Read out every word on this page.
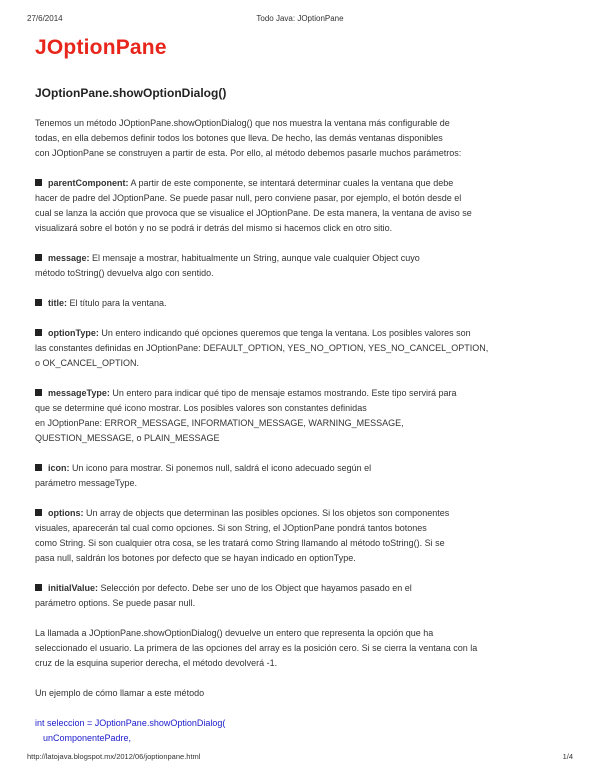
27/6/2014	Todo Java: JOptionPane
JOptionPane
JOptionPane.showOptionDialog()

Tenemos un método JOptionPane.showOptionDialog() que nos muestra la ventana más configurable de
todas, en ella debemos definir todos los botones que lleva. De hecho, las demás ventanas disponibles
con JOptionPane se construyen a partir de esta. Por ello, al método debemos pasarle muchos parámetros:

parentComponent: A partir de este componente, se intentará determinar cuales la ventana que debe
hacer de padre del JOptionPane. Se puede pasar null, pero conviene pasar, por ejemplo, el botón desde el
cual se lanza la acción que provoca que se visualice el JOptionPane. De esta manera, la ventana de aviso se
visualizará sobre el botón y no se podrá ir detrás del mismo si hacemos click en otro sitio.

message: El mensaje a mostrar, habitualmente un String, aunque vale cualquier Object cuyo
método toString() devuelva algo con sentido.

title: El título para la ventana.

optionType: Un entero indicando qué opciones queremos que tenga la ventana. Los posibles valores son
las constantes definidas en JOptionPane: DEFAULT_OPTION, YES_NO_OPTION, YES_NO_CANCEL_OPTION,
o OK_CANCEL_OPTION.

messageType: Un entero para indicar qué tipo de mensaje estamos mostrando. Este tipo servirá para
que se determine qué icono mostrar. Los posibles valores son constantes definidas
en JOptionPane: ERROR_MESSAGE, INFORMATION_MESSAGE, WARNING_MESSAGE,
QUESTION_MESSAGE, o PLAIN_MESSAGE

icon: Un icono para mostrar. Si ponemos null, saldrá el icono adecuado según el
parámetro messageType.

options: Un array de objects que determinan las posibles opciones. Si los objetos son componentes
visuales, aparecerán tal cual como opciones. Si son String, el JOptionPane pondrá tantos botones
como String. Si son cualquier otra cosa, se les tratará como String llamando al método toString(). Si se
pasa null, saldrán los botones por defecto que se hayan indicado en optionType.

initialValue: Selección por defecto. Debe ser uno de los Object que hayamos pasado en el
parámetro options. Se puede pasar null.

La llamada a JOptionPane.showOptionDialog() devuelve un entero que representa la opción que ha
seleccionado el usuario. La primera de las opciones del array es la posición cero. Si se cierra la ventana con la
cruz de la esquina superior derecha, el método devolverá -1.

Un ejemplo de cómo llamar a este método

int seleccion = JOptionPane.showOptionDialog(
unComponentePadre,
http://latojava.blogspot.mx/2012/06/joptionpane.html	1/4
